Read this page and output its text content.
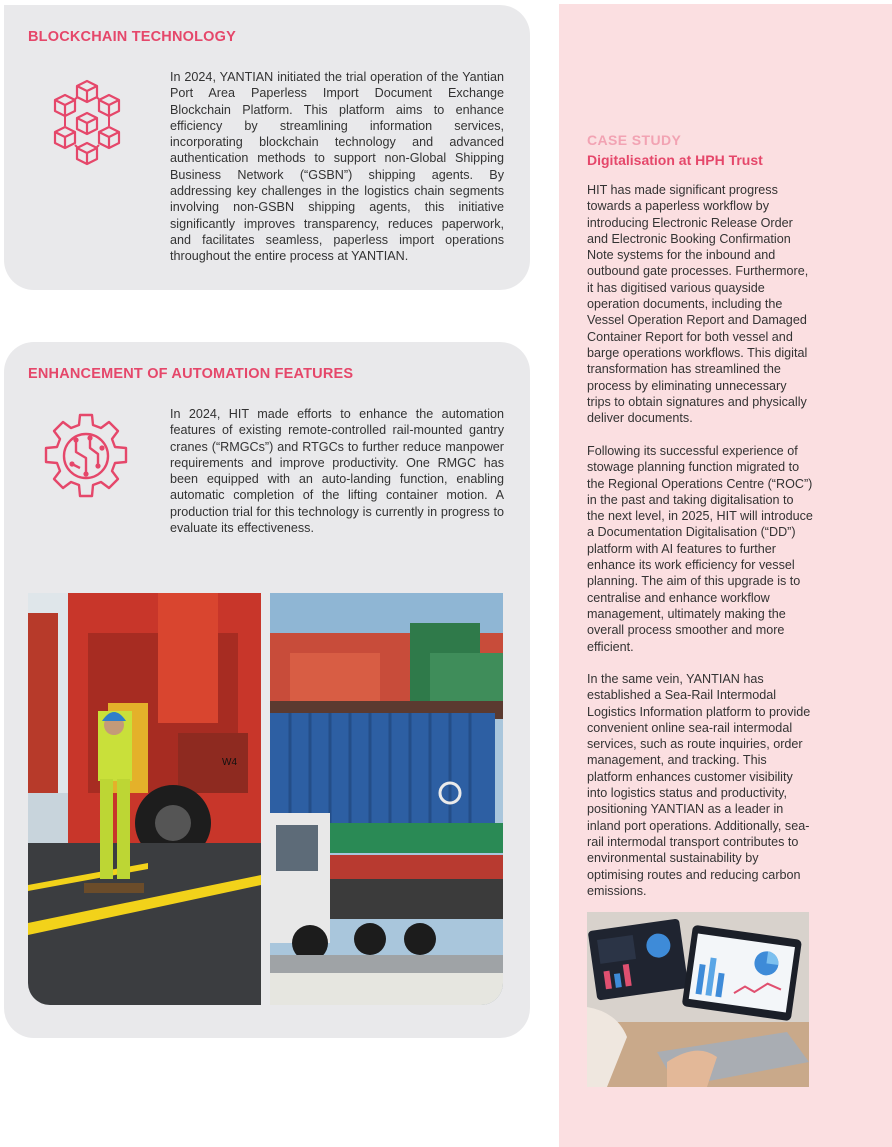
BLOCKCHAIN TECHNOLOGY

In 2024, YANTIAN initiated the trial operation of the Yantian Port Area Paperless Import Document Exchange Blockchain Platform. This platform aims to enhance efficiency by streamlining information services, incorporating blockchain technology and advanced authentication methods to support non-Global Shipping Business Network (“GSBN”) shipping agents. By addressing key challenges in the logistics chain segments involving non-GSBN shipping agents, this initiative significantly improves transparency, reduces paperwork, and facilitates seamless, paperless import operations throughout the entire process at YANTIAN.

ENHANCEMENT OF AUTOMATION FEATURES

In 2024, HIT made efforts to enhance the automation features of existing remote-controlled rail-mounted gantry cranes (“RMGCs”) and RTGCs to further reduce manpower requirements and improve productivity. One RMGC has been equipped with an auto-landing function, enabling automatic completion of the lifting container motion. A production trial for this technology is currently in progress to evaluate its effectiveness.

W4

CASE STUDY

Digitalisation at HPH Trust

HIT has made significant progress towards a paperless workflow by introducing Electronic Release Order and Electronic Booking Confirmation Note systems for the inbound and outbound gate processes. Furthermore, it has digitised various quayside operation documents, including the Vessel Operation Report and Damaged Container Report for both vessel and barge operations workflows. This digital transformation has streamlined the process by eliminating unnecessary trips to obtain signatures and physically deliver documents.

Following its successful experience of stowage planning function migrated to the Regional Operations Centre (“ROC”) in the past and taking digitalisation to the next level, in 2025, HIT will introduce a Documentation Digitalisation (“DD”) platform with AI features to further enhance its work efficiency for vessel planning. The aim of this upgrade is to centralise and enhance workflow management, ultimately making the overall process smoother and more efficient.

In the same vein, YANTIAN has established a Sea-Rail Intermodal Logistics Information platform to provide convenient online sea-rail intermodal services, such as route inquiries, order management, and tracking. This platform enhances customer visibility into logistics status and productivity, positioning YANTIAN as a leader in inland port operations. Additionally, sea-rail intermodal transport contributes to environmental sustainability by optimising routes and reducing carbon emissions.
